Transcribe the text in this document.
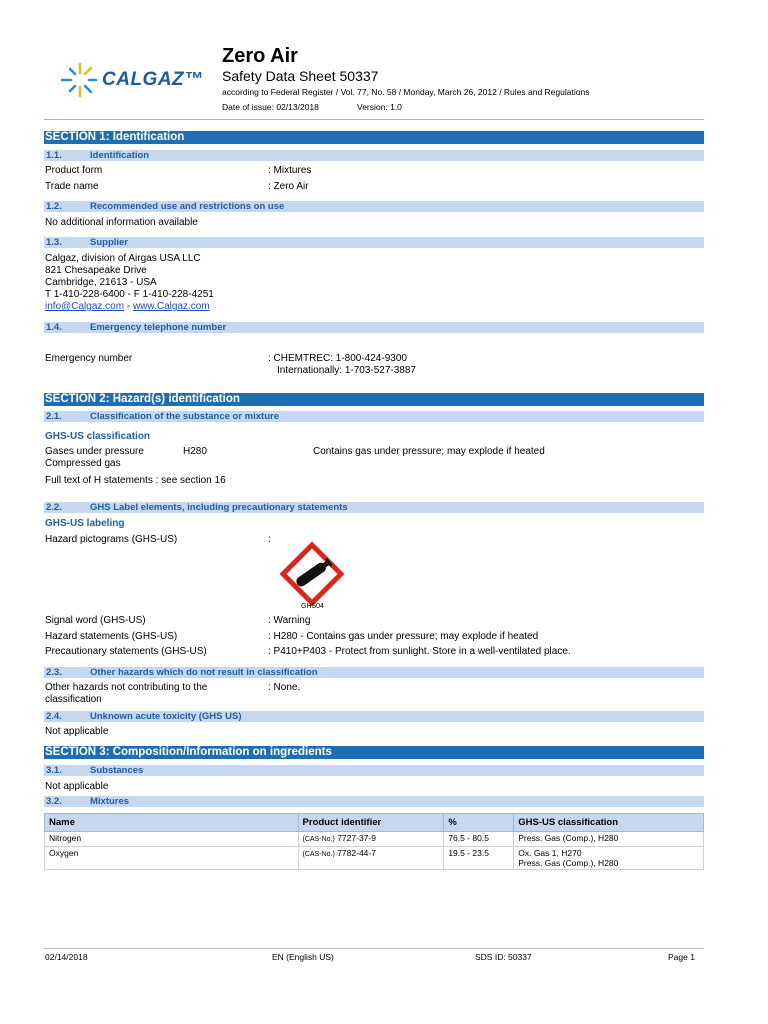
CALGAZ™
Zero Air
Safety Data Sheet 50337
according to Federal Register / Vol. 77, No. 58 / Monday, March 26, 2012 / Rules and Regulations
Date of issue: 02/13/2018	Version: 1.0
SECTION 1: Identification
1.1.	Identification
Product form	: Mixtures
Trade name	: Zero Air
1.2.	Recommended use and restrictions on use
No additional information available
1.3.	Supplier
Calgaz, division of Airgas USA LLC
821 Chesapeake Drive
Cambridge, 21613 - USA
T 1-410-228-6400 - F 1-410-228-4251
info@Calgaz.com - www.Calgaz.com
1.4.	Emergency telephone number
Emergency number	: CHEMTREC: 1-800-424-9300
Internationally: 1-703-527-3887
SECTION 2: Hazard(s) identification
2.1.	Classification of the substance or mixture
GHS-US classification
Gases under pressure	H280	Contains gas under pressure; may explode if heated
Compressed gas
Full text of H statements : see section 16
2.2.	GHS Label elements, including precautionary statements
GHS-US labeling
Hazard pictograms (GHS-US)	:
GHS04
Signal word (GHS-US)	: Warning
Hazard statements (GHS-US)	: H280 - Contains gas under pressure; may explode if heated
Precautionary statements (GHS-US)	: P410+P403 - Protect from sunlight. Store in a well-ventilated place.
2.3.	Other hazards which do not result in classification
Other hazards not contributing to the
classification
: None.
2.4.	Unknown acute toxicity (GHS US)
Not applicable
SECTION 3: Composition/Information on ingredients
3.1.	Substances
Not applicable
3.2.	Mixtures
Name	Product identifier	%	GHS-US classification
Nitrogen	(CAS-No.) 7727-37-9	76.5 - 80.5	Press. Gas (Comp.), H280

Oxygen	(CAS-No.) 7782-44-7	19.5 - 23.5	Ox. Gas 1, H270
Press. Gas (Comp.), H280
02/14/2018	EN (English US)	SDS ID: 50337	Page 1
